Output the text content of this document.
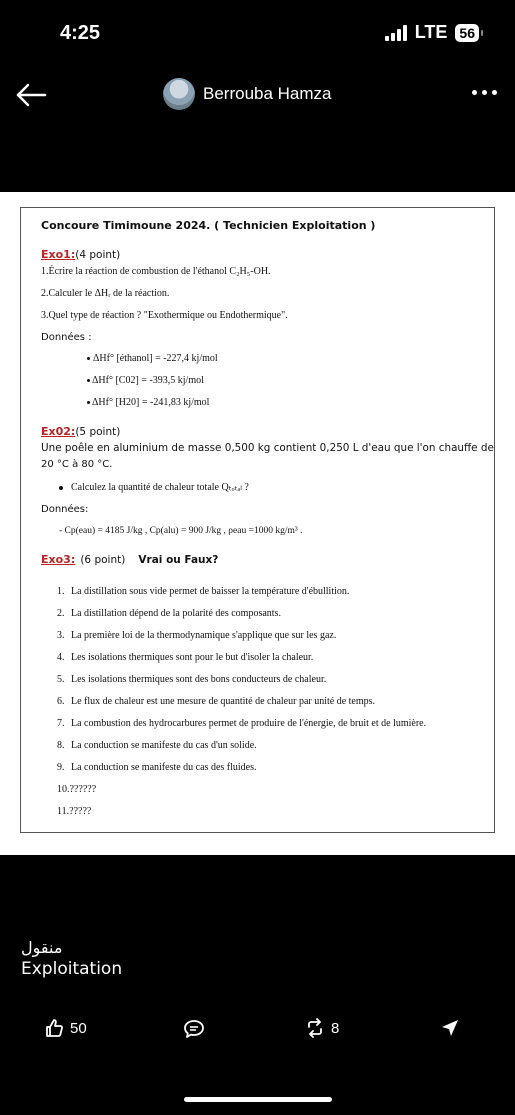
4:25	LTE 56
Berrouba Hamza
Concoure Timimoune 2024. ( Technicien Exploitation )
Exo1:(4 point)
1.Écrire la réaction de combustion de l'éthanol C₂H₅-OH.
2.Calculer le ΔHᵣ de la réaction.
3.Quel type de réaction ? "Exothermique ou Endothermique".
Données :
ΔHf° [éthanol] = -227,4 kj/mol
ΔHf° [C02] = -393,5 kj/mol
ΔHf° [H20] = -241,83 kj/mol
Ex02:(5 point)
Une poêle en aluminium de masse 0,500 kg contient 0,250 L d'eau que l'on chauffe de
20 °C à 80 °C.
Calculez la quantité de chaleur totale Qₜₒₜₐₗ ?
Données:
- Cp(eau) = 4185 J/kg , Cp(alu) = 900 J/kg , ρeau =1000 kg/m³ .
Exo3: (6 point) Vrai ou Faux?
1. La distillation sous vide permet de baisser la température d'ébullition.
2. La distillation dépend de la polarité des composants.
3. La première loi de la thermodynamique s'applique que sur les gaz.
4. Les isolations thermiques sont pour le but d'isoler la chaleur.
5. Les isolations thermiques sont des bons conducteurs de chaleur.
6. Le flux de chaleur est une mesure de quantité de chaleur par unité de temps.
7. La combustion des hydrocarbures permet de produire de l'énergie, de bruit et de lumière.
8. La conduction se manifeste du cas d'un solide.
9. La conduction se manifeste du cas des fluides.
10. ??????
11. ?????
منقول
Exploitation
50	8
